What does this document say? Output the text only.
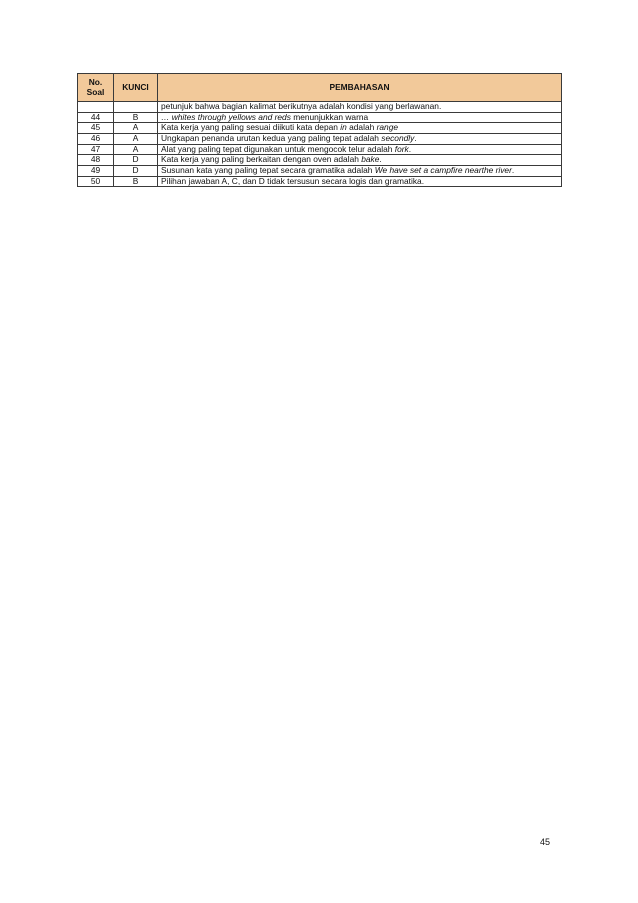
No. Soal	KUNCI	PEMBAHASAN
		petunjuk bahwa bagian kalimat berikutnya adalah kondisi yang berlawanan.
44	B	… whites through yellows and reds menunjukkan warna
45	A	Kata kerja yang paling sesuai diikuti kata depan in adalah range
46	A	Ungkapan penanda urutan kedua yang paling tepat adalah secondly.
47	A	Alat yang paling tepat digunakan untuk mengocok telur adalah fork.
48	D	Kata kerja yang paling berkaitan dengan oven adalah bake.
49	D	Susunan kata yang paling tepat secara gramatika adalah We have set a campfire nearthe river.
50	B	Pilihan jawaban A, C, dan D tidak tersusun secara logis dan gramatika.
45
